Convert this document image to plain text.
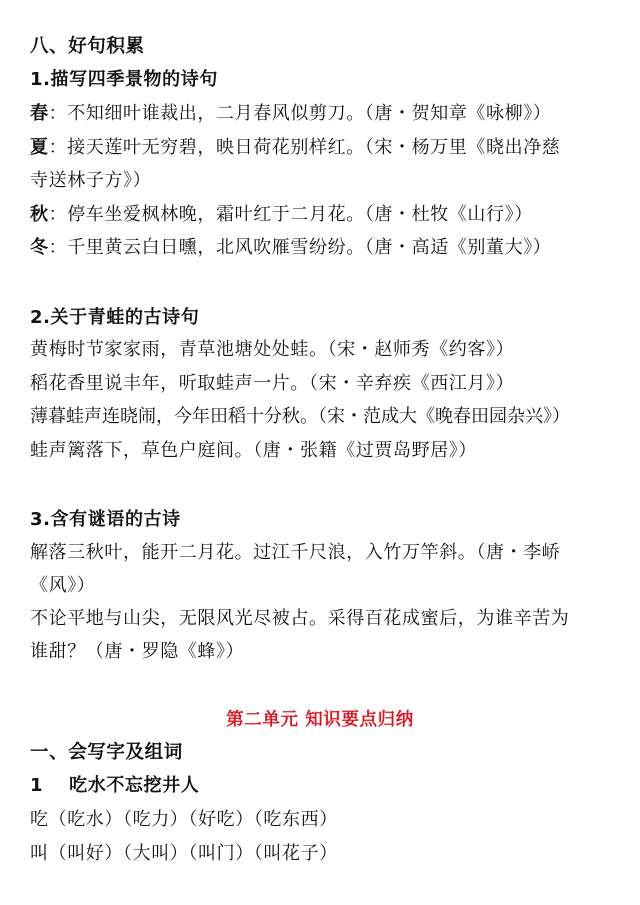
八、好句积累
1.描写四季景物的诗句
春：不知细叶谁裁出，二月春风似剪刀。（唐・贺知章《咏柳》）
夏：接天莲叶无穷碧，映日荷花别样红。（宋・杨万里《晓出净慈
寺送林子方》）
秋：停车坐爱枫林晚，霜叶红于二月花。（唐・杜牧《山行》）
冬：千里黄云白日曛，北风吹雁雪纷纷。（唐・高适《别董大》）
2.关于青蛙的古诗句
黄梅时节家家雨，青草池塘处处蛙。（宋・赵师秀《约客》）
稻花香里说丰年，听取蛙声一片。（宋・辛弃疾《西江月》）
薄暮蛙声连晓闹，今年田稻十分秋。（宋・范成大《晚春田园杂兴》）
蛙声篱落下，草色户庭间。（唐・张籍《过贾岛野居》）
3.含有谜语的古诗
解落三秋叶，能开二月花。过江千尺浪，入竹万竿斜。（唐・李峤
《风》）
不论平地与山尖，无限风光尽被占。采得百花成蜜后，为谁辛苦为
谁甜？（唐・罗隐《蜂》）
第二单元 知识要点归纳
一、会写字及组词
1 吃水不忘挖井人
吃（吃水）（吃力）（好吃）（吃东西）
叫（叫好）（大叫）（叫门）（叫花子）
